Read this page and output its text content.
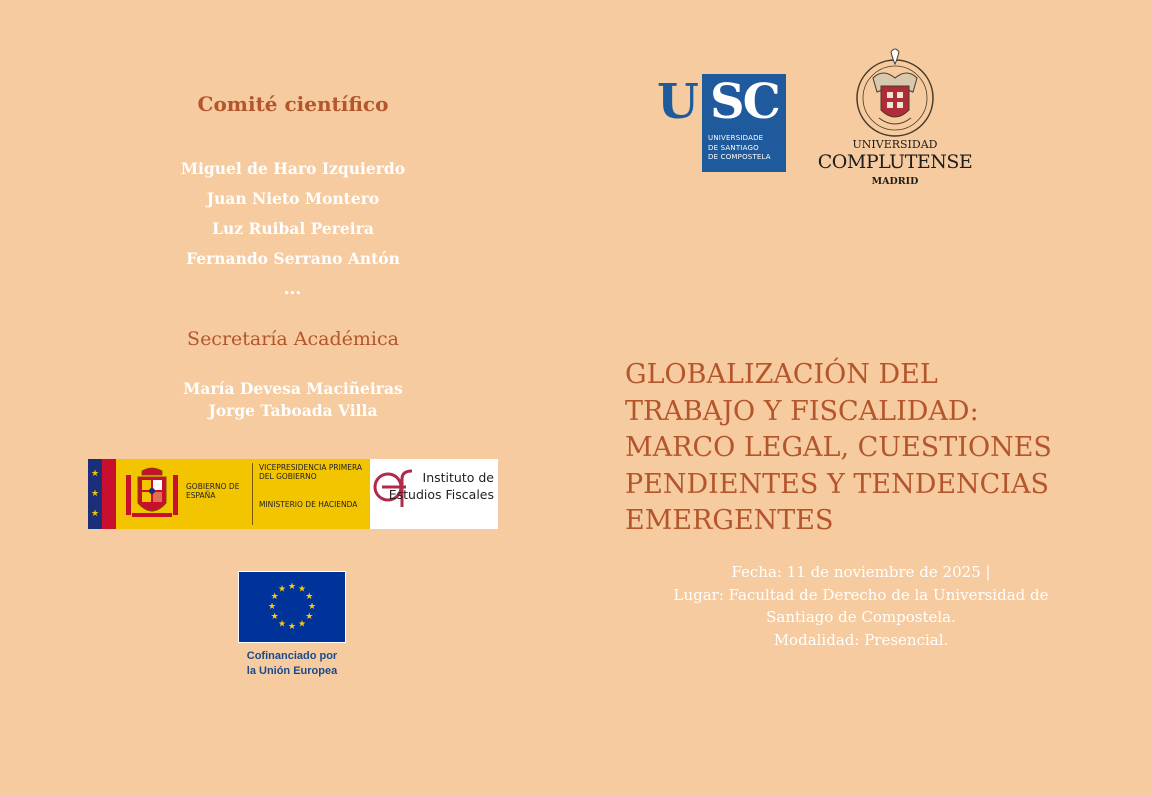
Comité científico
Miguel de Haro Izquierdo
Juan Nieto Montero
Luz Ruibal Pereira
Fernando Serrano Antón
…
Secretaría Académica
María Devesa Maciñeiras
Jorge Taboada Villa
★
★
★
GOBIERNO DE ESPAÑA
VICEPRESIDENCIA PRIMERA DEL GOBIERNO
MINISTERIO DE HACIENDA
Instituto de
Estudios Fiscales
★ ★
★
★
★
★
★
★
★
★
★
★
Cofinanciado por
la Unión Europea
U SC
UNIVERSIDADE
DE SANTIAGO
DE COMPOSTELA
UNIVERSIDAD
COMPLUTENSE
MADRID
GLOBALIZACIÓN DEL
TRABAJO Y FISCALIDAD:
MARCO LEGAL, CUESTIONES
PENDIENTES Y TENDENCIAS
EMERGENTES
Fecha: 11 de noviembre de 2025 |
Lugar: Facultad de Derecho de la Universidad de
Santiago de Compostela.
Modalidad: Presencial.
